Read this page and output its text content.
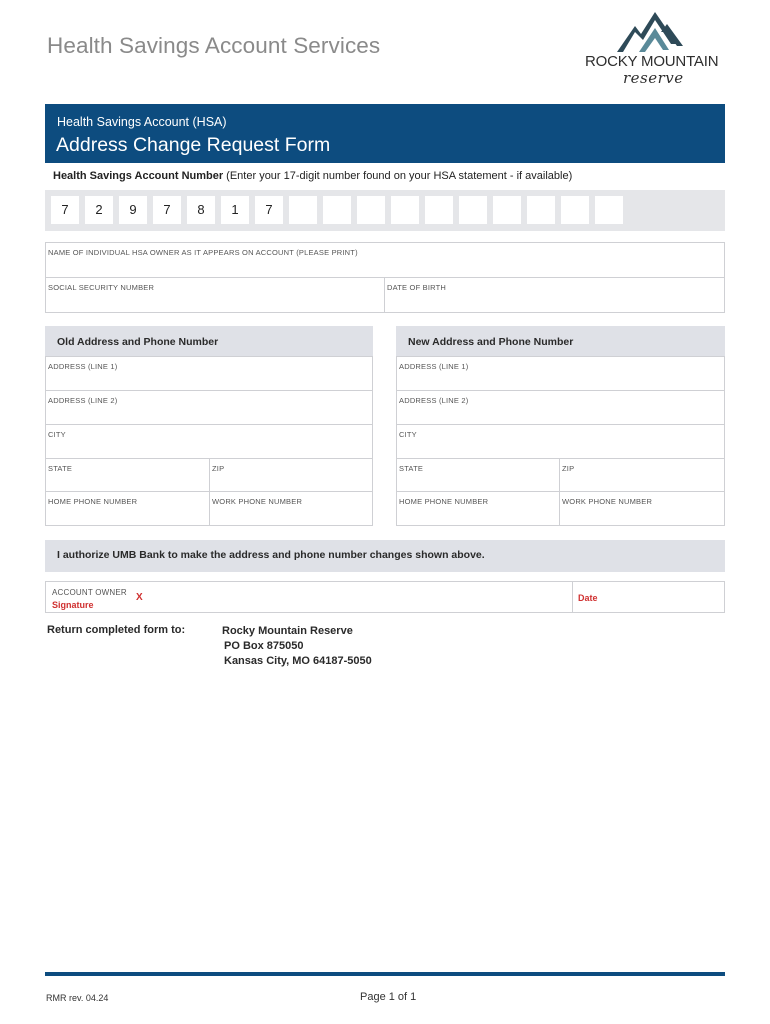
Health Savings Account Services
ROCKY MOUNTAIN
reserve
Health Savings Account (HSA)
Address Change Request Form
Health Savings Account Number (Enter your 17-digit number found on your HSA statement - if available)
7	2	9	7	8	1	7
NAME OF INDIVIDUAL HSA OWNER AS IT APPEARS ON ACCOUNT (PLEASE PRINT)
SOCIAL SECURITY NUMBER	DATE OF BIRTH
Old Address and Phone Number
ADDRESS (LINE 1)
ADDRESS (LINE 2)
CITY
STATE	ZIP
HOME PHONE NUMBER	WORK PHONE NUMBER
New Address and Phone Number
ADDRESS (LINE 1)
ADDRESS (LINE 2)
CITY
STATE	ZIP
HOME PHONE NUMBER	WORK PHONE NUMBER
I authorize UMB Bank to make the address and phone number changes shown above.
ACCOUNT OWNER
Signature
X	Date
Return completed form to:	Rocky Mountain Reserve
PO Box 875050
Kansas City, MO 64187-5050
RMR rev. 04.24	Page 1 of 1
